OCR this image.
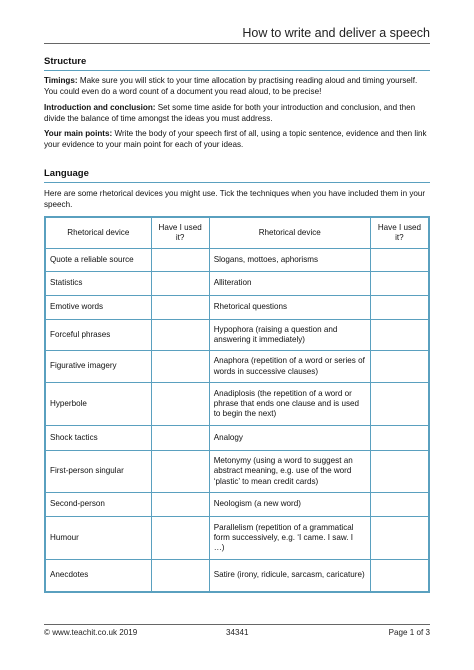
How to write and deliver a speech
Structure
Timings: Make sure you will stick to your time allocation by practising reading aloud and timing yourself. You could even do a word count of a document you read aloud, to be precise!
Introduction and conclusion: Set some time aside for both your introduction and conclusion, and then divide the balance of time amongst the ideas you must address.
Your main points: Write the body of your speech first of all, using a topic sentence, evidence and then link your evidence to your main point for each of your ideas.
Language
Here are some rhetorical devices you might use. Tick the techniques when you have included them in your speech.
Rhetorical device	Have I used it?	Rhetorical device	Have I used it?
Quote a reliable source		Slogans, mottoes, aphorisms	
Statistics		Alliteration	
Emotive words		Rhetorical questions	
Forceful phrases		Hypophora (raising a question and answering it immediately)	
Figurative imagery		Anaphora (repetition of a word or series of words in successive clauses)	
Hyperbole		Anadiplosis (the repetition of a word or phrase that ends one clause and is used to begin the next)	
Shock tactics		Analogy	
First-person singular		Metonymy (using a word to suggest an abstract meaning, e.g. use of the word ‘plastic’ to mean credit cards)	
Second-person		Neologism (a new word)	
Humour		Parallelism (repetition of a grammatical form successively, e.g. ‘I came. I saw. I …)	
Anecdotes		Satire (irony, ridicule, sarcasm, caricature)	
© www.teachit.co.uk 2019	34341	Page 1 of 3
